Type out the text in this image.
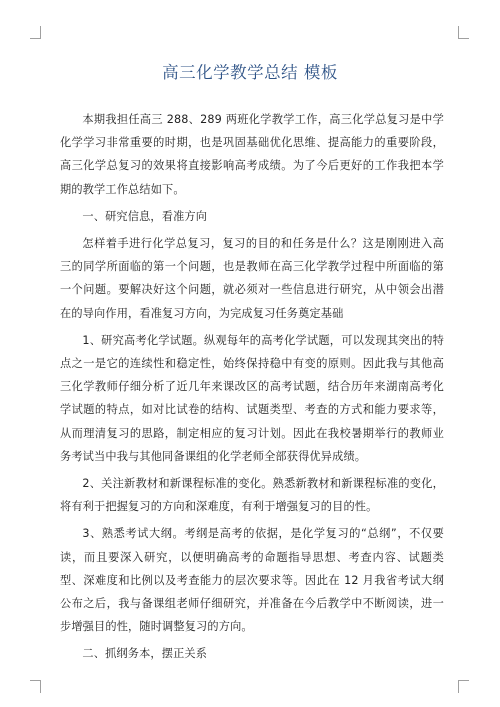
高三化学教学总结 模板

本期我担任高三 288、289 两班化学教学工作，高三化学总复习是中学化学学习非常重要的时期，也是巩固基础优化思维、提高能力的重要阶段，高三化学总复习的效果将直接影响高考成绩。为了今后更好的工作我把本学期的教学工作总结如下。

一、研究信息，看准方向

怎样着手进行化学总复习，复习的目的和任务是什么？这是刚刚进入高三的同学所面临的第一个问题，也是教师在高三化学教学过程中所面临的第一个问题。要解决好这个问题，就必须对一些信息进行研究，从中领会出潜在的导向作用，看准复习方向，为完成复习任务奠定基础

1、研究高考化学试题。纵观每年的高考化学试题，可以发现其突出的特点之一是它的连续性和稳定性，始终保持稳中有变的原则。因此我与其他高三化学教师仔细分析了近几年来课改区的高考试题，结合历年来湖南高考化学试题的特点，如对比试卷的结构、试题类型、考查的方式和能力要求等，从而理清复习的思路，制定相应的复习计划。因此在我校暑期举行的教师业务考试当中我与其他同备课组的化学老师全部获得优异成绩。

2、关注新教材和新课程标准的变化。熟悉新教材和新课程标准的变化，将有利于把握复习的方向和深难度，有利于增强复习的目的性。

3、熟悉考试大纲。考纲是高考的依据，是化学复习的“总纲”，不仅要读，而且要深入研究，以便明确高考的命题指导思想、考查内容、试题类型、深难度和比例以及考查能力的层次要求等。因此在 12 月我省考试大纲公布之后，我与备课组老师仔细研究，并准备在今后教学中不断阅读，进一步增强目的性，随时调整复习的方向。

二、抓纲务本，摆正关系
